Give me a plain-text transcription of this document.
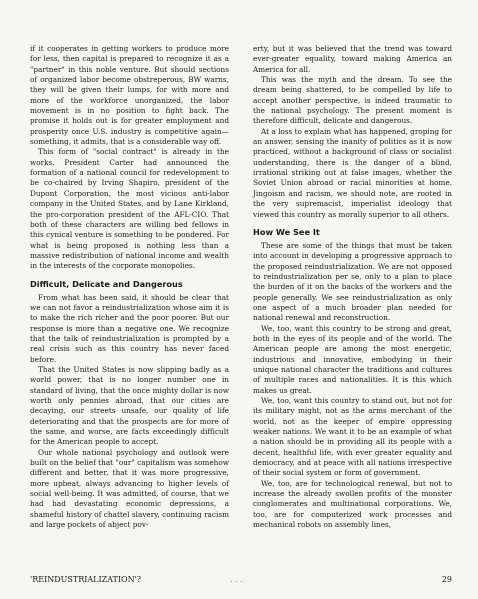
if it cooperates in getting workers to produce more for less, then capital is prepared to recognize it as a "partner" in this noble venture. But should sections of organized labor become obstreperous, BW warns, they will be given their lumps, for with more and more of the workforce unorganized, the labor movement is in no position to fight back. The promise it holds out is for greater employment and prosperity once U.S. industry is competitive again—something, it admits, that is a considerable way off.

This form of "social contract" is already in the works. President Carter had announced the formation of a national council for redevelopment to be co-chaired by Irving Shapiro, president of the Dupont Corporation, the most vicious anti-labor company in the United States, and by Lane Kirkland, the pro-corporation president of the AFL-CIO. That both of these characters are willing bed fellows in this cynical venture is something to be pondered. For what is being proposed is nothing less than a massive redistribution of national income and wealth in the interests of the corporate monopolies.

Difficult, Delicate and Dangerous

From what has been said, it should be clear that we can not favor a reindustrialization whose aim it is to make the rich richer and the poor poorer. But our response is more than a negative one. We recognize that the talk of reindustrialization is prompted by a real crisis such as this country has never faced before.

That the United States is now slipping badly as a world power, that is no longer number one in standard of living, that the once mighty dollar is now worth only pennies abroad, that our cities are decaying, our streets unsafe, our quality of life deteriorating and that the prospects are for more of the same, and worse, are facts exceedingly difficult for the American people to accept.

Our whole national psychology and outlook were built on the belief that "our" capitalism was somehow different and better, that it was more progressive, more upbeat, always advancing to higher levels of social well-being. It was admitted, of course, that we had had devastating economic depressions, a shameful history of chattel slavery, continuing racism and large pockets of abject pov-

erty, but it was believed that the trend was toward ever-greater equality, toward making America an America for all.

This was the myth and the dream. To see the dream being shattered, to be compelled by life to accept another perspective, is indeed traumatic to the national psychology. The present moment is therefore difficult, delicate and dangerous.

At a loss to explain what has happened, groping for an answer, sensing the inanity of politics as it is now practiced, without a background of class or socialist understanding, there is the danger of a blind, irrational striking out at false images, whether the Soviet Union abroad or racial minorities at home. Jingoism and racism, we should note, are rooted in the very supremacist, imperialist ideology that viewed this country as morally superior to all others.

How We See It

These are some of the things that must be taken into account in developing a progressive approach to the proposed reindustrialization. We are not opposed to reindustrialization per se, only to a plan to place the burden of it on the backs of the workers and the people generally. We see reindustrialization as only one aspect of a much broader plan needed for national renewal and reconstruction.

We, too, want this country to be strong and great, both in the eyes of its people and of the world. The American people are among the most energetic, industrious and innovative, embodying in their unique national character the traditions and cultures of multiple races and nationalities. It is this which makes us great.

We, too, want this country to stand out, but not for its military might, not as the arms merchant of the world, not as the keeper of empire oppressing weaker nations. We want it to be an example of what a nation should be in providing all its people with a decent, healthful life, with ever greater equality and democracy, and at peace with all nations irrespective of their social system or form of government.

We, too, are for technological renewal, but not to increase the already swollen profits of the monster conglomerates and multinational corporations. We, too, are for computerized work processes and mechanical robots on assembly lines,

'REINDUSTRIALIZATION'?	. . .	29
